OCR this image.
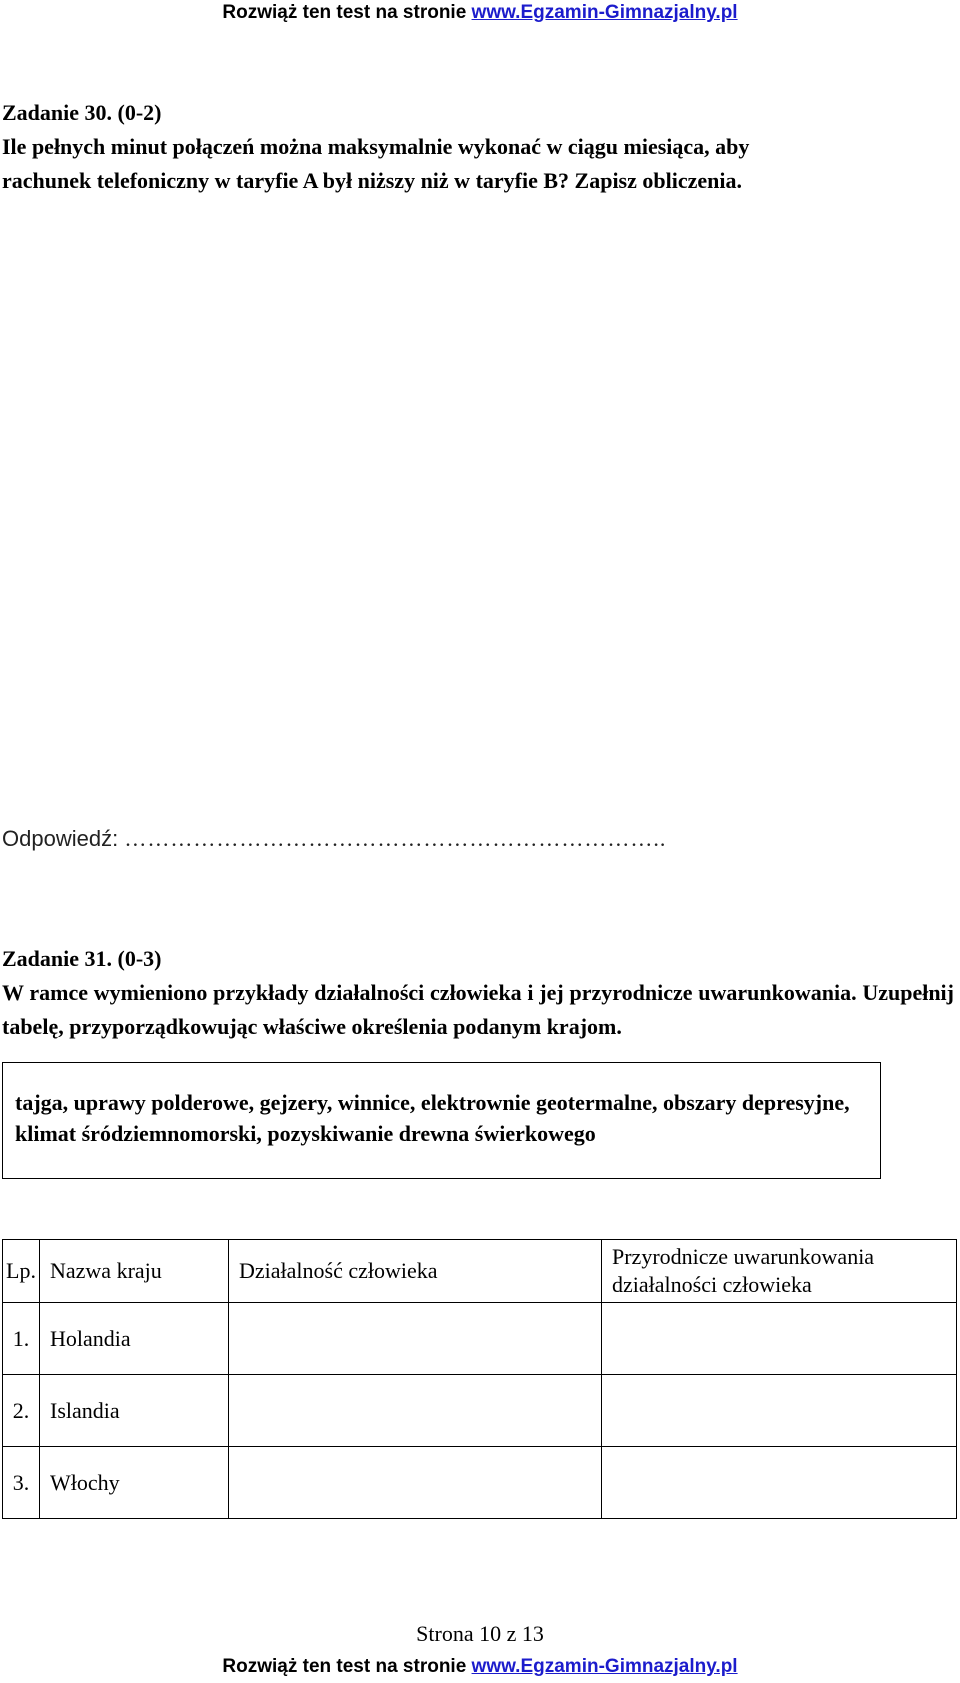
Rozwiąż ten test na stronie www.Egzamin-Gimnazjalny.pl
Zadanie 30. (0-2)
Ile pełnych minut połączeń można maksymalnie wykonać w ciągu miesiąca, aby
rachunek telefoniczny w taryfie A był niższy niż w taryfie B? Zapisz obliczenia.
Odpowiedź: ……………………………………………………………..
Zadanie 31. (0-3)
W ramce wymieniono przykłady działalności człowieka i jej przyrodnicze uwarunkowania. Uzupełnij tabelę, przyporządkowując właściwe określenia podanym krajom.
tajga, uprawy polderowe, gejzery, winnice, elektrownie geotermalne, obszary depresyjne, klimat śródziemnomorski, pozyskiwanie drewna świerkowego
Lp.	Nazwa kraju	Działalność człowieka	Przyrodnicze uwarunkowania działalności człowieka
1.	Holandia		
2.	Islandia		
3.	Włochy		
Strona 10 z 13
Rozwiąż ten test na stronie www.Egzamin-Gimnazjalny.pl
